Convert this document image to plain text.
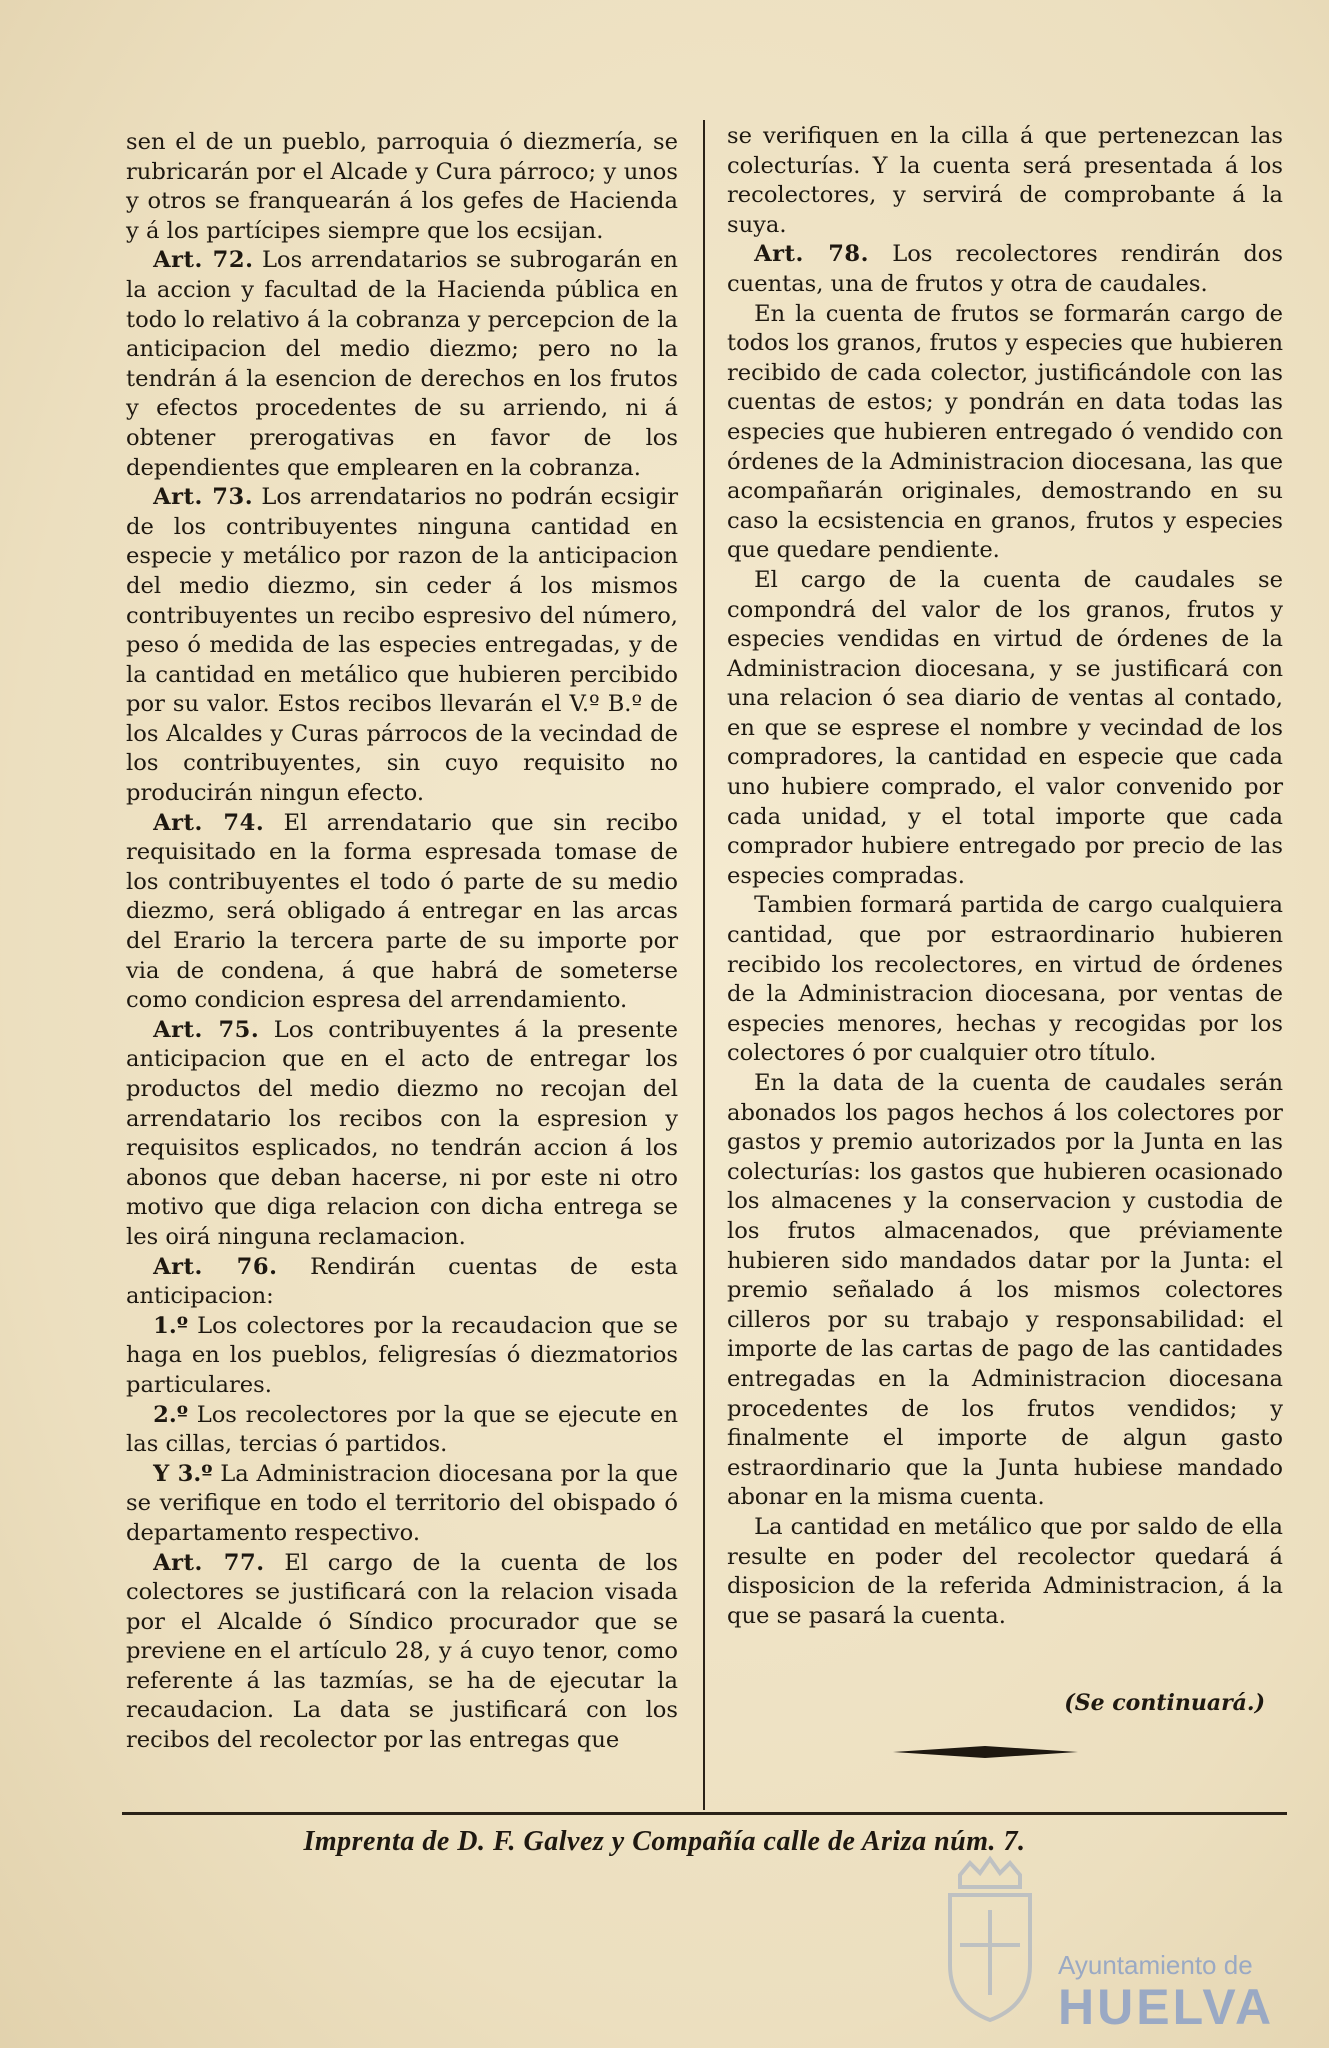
sen el de un pueblo, parroquia ó diezmería, se rubricarán por el Alcade y Cura párroco; y unos y otros se franquearán á los gefes de Hacienda y á los partícipes siempre que los ecsijan.

Art. 72. Los arrendatarios se subrogarán en la accion y facultad de la Hacienda pública en todo lo relativo á la cobranza y percepcion de la anticipacion del medio diezmo; pero no la tendrán á la esencion de derechos en los frutos y efectos procedentes de su arriendo, ni á obtener prerogativas en favor de los dependientes que emplearen en la cobranza.

Art. 73. Los arrendatarios no podrán ecsigir de los contribuyentes ninguna cantidad en especie y metálico por razon de la anticipacion del medio diezmo, sin ceder á los mismos contribuyentes un recibo espresivo del número, peso ó medida de las especies entregadas, y de la cantidad en metálico que hubieren percibido por su valor. Estos recibos llevarán el V.º B.º de los Alcaldes y Curas párrocos de la vecindad de los contribuyentes, sin cuyo requisito no producirán ningun efecto.

Art. 74. El arrendatario que sin recibo requisitado en la forma espresada tomase de los contribuyentes el todo ó parte de su medio diezmo, será obligado á entregar en las arcas del Erario la tercera parte de su importe por via de condena, á que habrá de someterse como condicion espresa del arrendamiento.

Art. 75. Los contribuyentes á la presente anticipacion que en el acto de entregar los productos del medio diezmo no recojan del arrendatario los recibos con la espresion y requisitos esplicados, no tendrán accion á los abonos que deban hacerse, ni por este ni otro motivo que diga relacion con dicha entrega se les oirá ninguna reclamacion.

Art. 76. Rendirán cuentas de esta anticipacion:

1.º Los colectores por la recaudacion que se haga en los pueblos, feligresías ó diezmatorios particulares.

2.º Los recolectores por la que se ejecute en las cillas, tercias ó partidos.

Y 3.º La Administracion diocesana por la que se verifique en todo el territorio del obispado ó departamento respectivo.

Art. 77. El cargo de la cuenta de los colectores se justificará con la relacion visada por el Alcalde ó Síndico procurador que se previene en el artículo 28, y á cuyo tenor, como referente á las tazmías, se ha de ejecutar la recaudacion. La data se justificará con los recibos del recolector por las entregas que

se verifiquen en la cilla á que pertenezcan las colecturías. Y la cuenta será presentada á los recolectores, y servirá de comprobante á la suya.

Art. 78. Los recolectores rendirán dos cuentas, una de frutos y otra de caudales.

En la cuenta de frutos se formarán cargo de todos los granos, frutos y especies que hubieren recibido de cada colector, justificándole con las cuentas de estos; y pondrán en data todas las especies que hubieren entregado ó vendido con órdenes de la Administracion diocesana, las que acompañarán originales, demostrando en su caso la ecsistencia en granos, frutos y especies que quedare pendiente.

El cargo de la cuenta de caudales se compondrá del valor de los granos, frutos y especies vendidas en virtud de órdenes de la Administracion diocesana, y se justificará con una relacion ó sea diario de ventas al contado, en que se esprese el nombre y vecindad de los compradores, la cantidad en especie que cada uno hubiere comprado, el valor convenido por cada unidad, y el total importe que cada comprador hubiere entregado por precio de las especies compradas.

Tambien formará partida de cargo cualquiera cantidad, que por estraordinario hubieren recibido los recolectores, en virtud de órdenes de la Administracion diocesana, por ventas de especies menores, hechas y recogidas por los colectores ó por cualquier otro título.

En la data de la cuenta de caudales serán abonados los pagos hechos á los colectores por gastos y premio autorizados por la Junta en las colecturías: los gastos que hubieren ocasionado los almacenes y la conservacion y custodia de los frutos almacenados, que préviamente hubieren sido mandados datar por la Junta: el premio señalado á los mismos colectores cilleros por su trabajo y responsabilidad: el importe de las cartas de pago de las cantidades entregadas en la Administracion diocesana procedentes de los frutos vendidos; y finalmente el importe de algun gasto estraordinario que la Junta hubiese mandado abonar en la misma cuenta.

La cantidad en metálico que por saldo de ella resulte en poder del recolector quedará á disposicion de la referida Administracion, á la que se pasará la cuenta.

(Se continuará.)
Imprenta de D. F. Galvez y Compañía calle de Ariza núm. 7.
Ayuntamiento de
HUELVA
